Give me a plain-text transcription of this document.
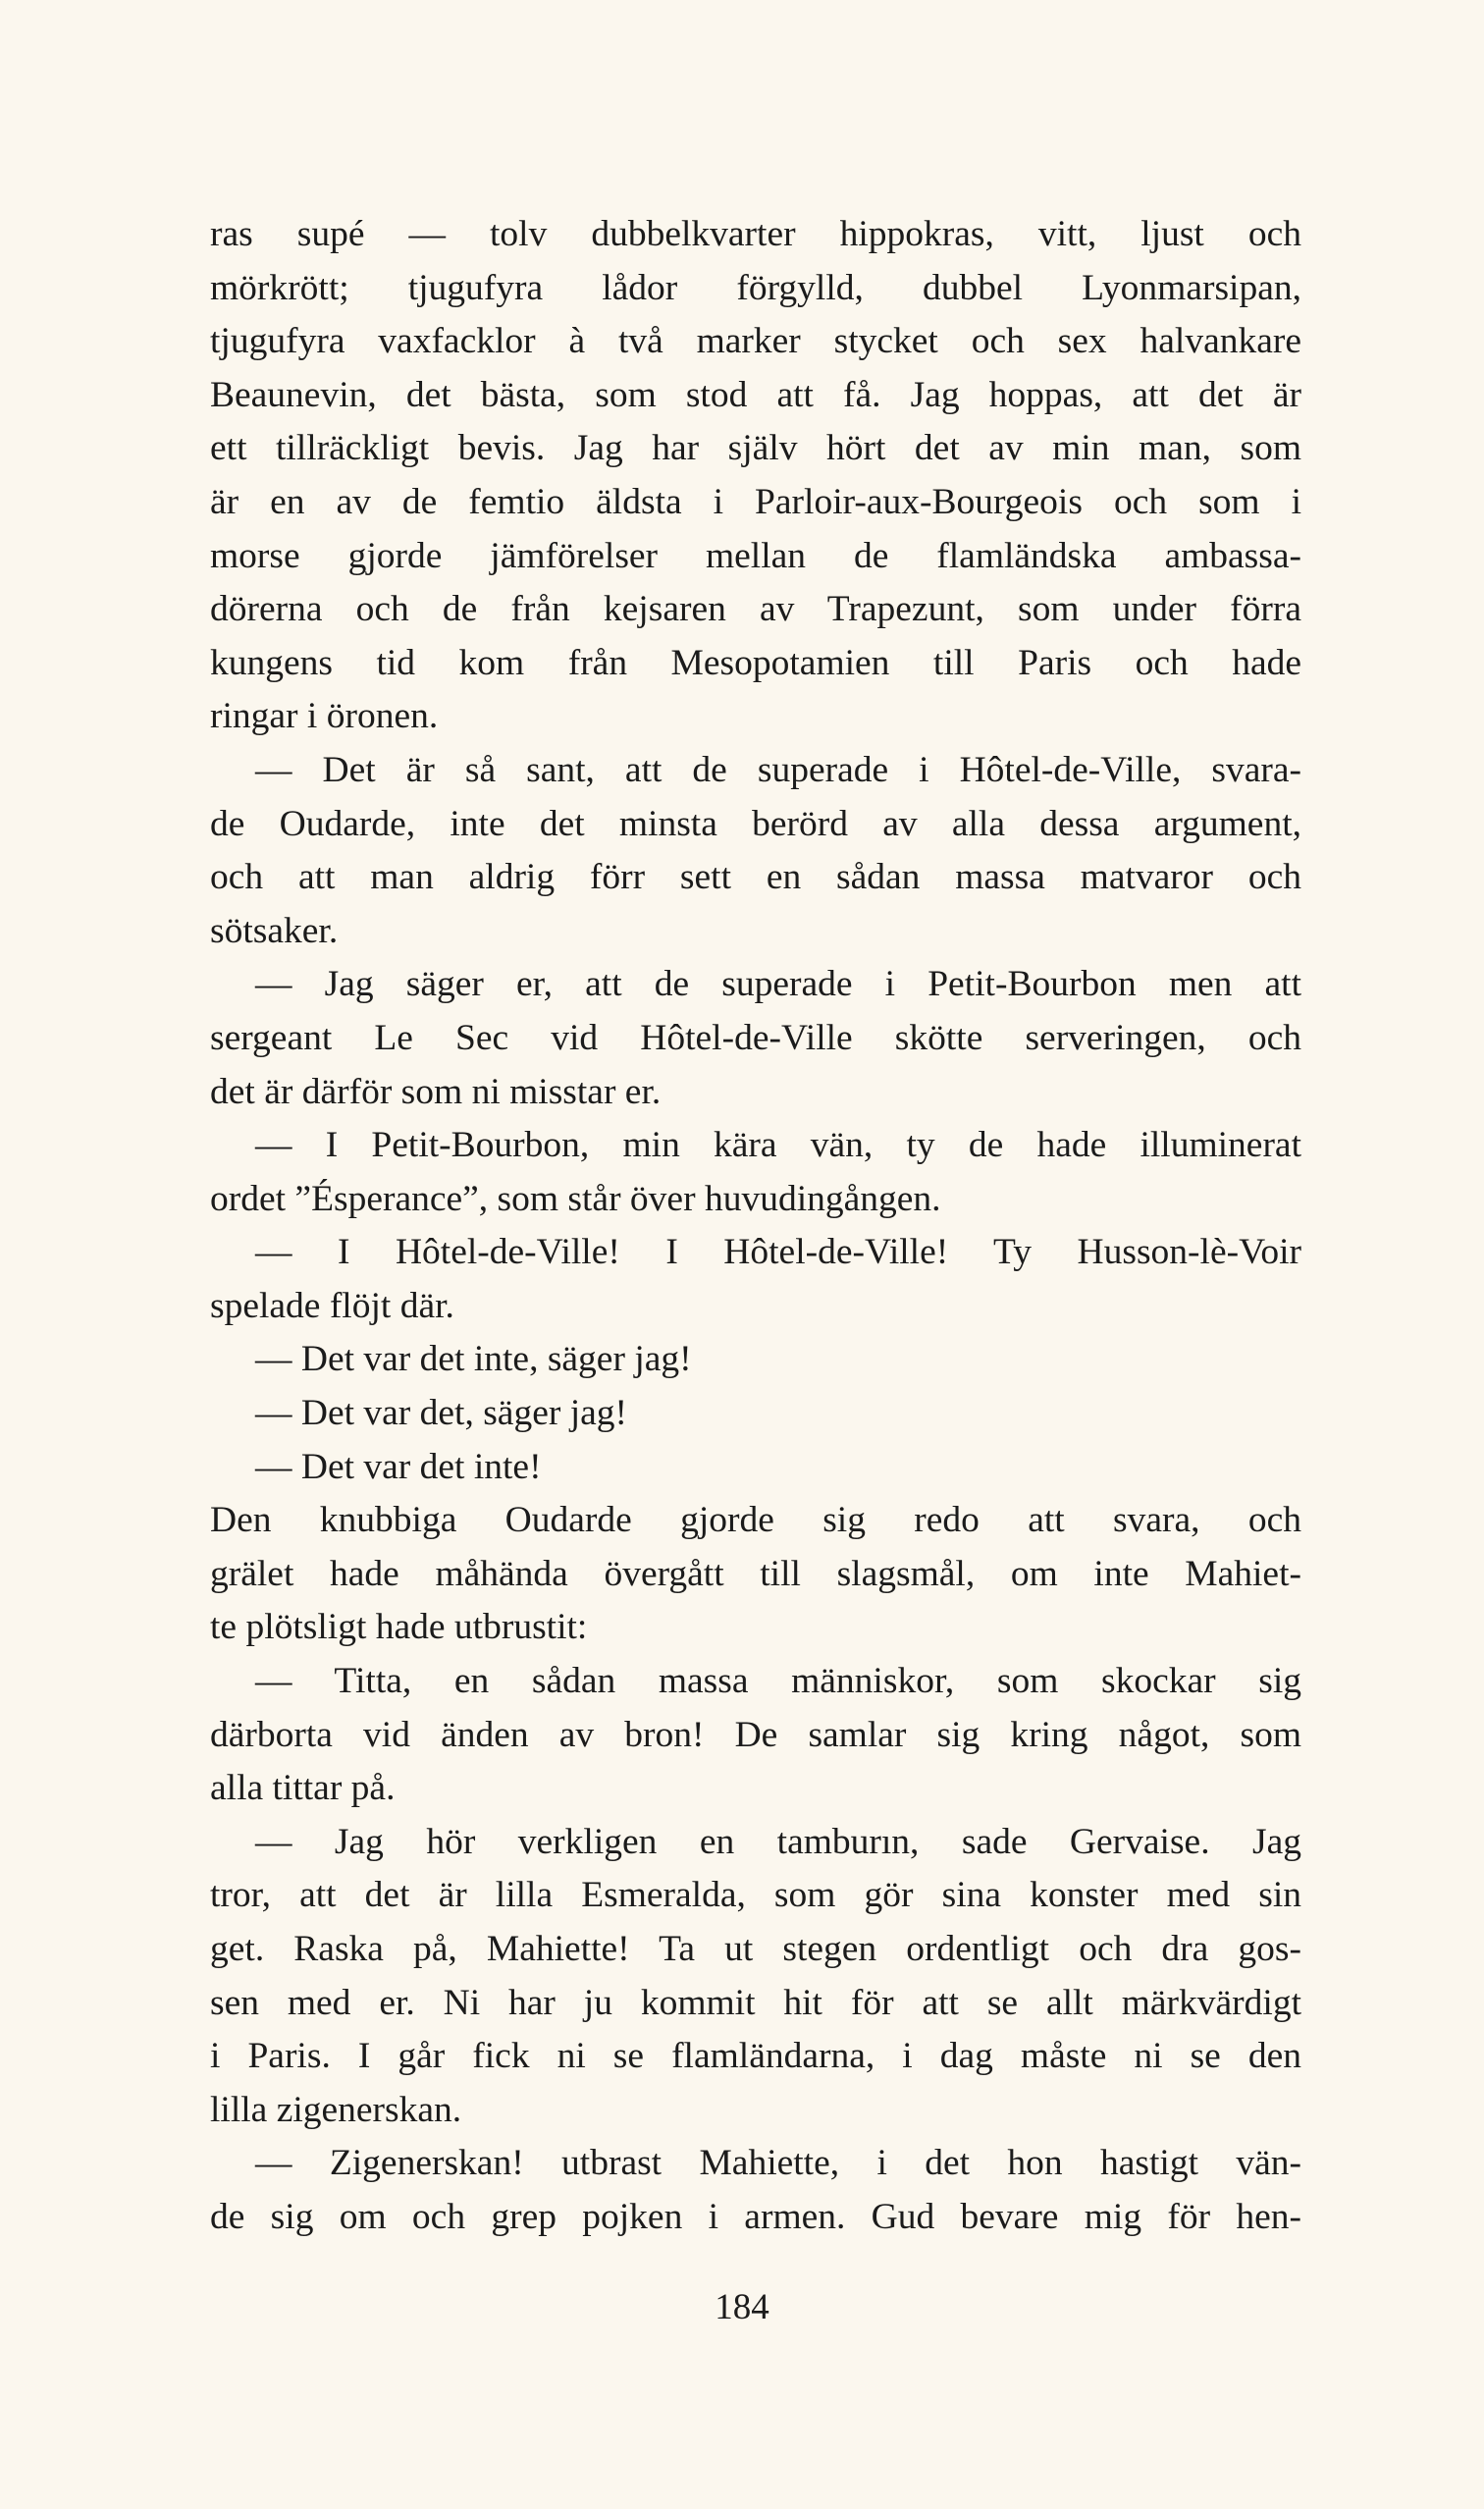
ras supé — tolv dubbelkvarter hippokras, vitt, ljust och
mörkrött; tjugufyra lådor förgylld, dubbel Lyonmarsipan,
tjugufyra vaxfacklor à två marker stycket och sex halvankare
Beaunevin, det bästa, som stod att få. Jag hoppas, att det är
ett tillräckligt bevis. Jag har själv hört det av min man, som
är en av de femtio äldsta i Parloir-aux-Bourgeois och som i
morse gjorde jämförelser mellan de flamländska ambassa-
dörerna och de från kejsaren av Trapezunt, som under förra
kungens tid kom från Mesopotamien till Paris och hade
ringar i öronen.
— Det är så sant, att de superade i Hôtel-de-Ville, svara-
de Oudarde, inte det minsta berörd av alla dessa argument,
och att man aldrig förr sett en sådan massa matvaror och
sötsaker.
— Jag säger er, att de superade i Petit-Bourbon men att
sergeant Le Sec vid Hôtel-de-Ville skötte serveringen, och
det är därför som ni misstar er.
— I Petit-Bourbon, min kära vän, ty de hade illuminerat
ordet ”Ésperance”, som står över huvudingången.
— I Hôtel-de-Ville! I Hôtel-de-Ville! Ty Husson-lè-Voir
spelade flöjt där.
— Det var det inte, säger jag!
— Det var det, säger jag!
— Det var det inte!
Den knubbiga Oudarde gjorde sig redo att svara, och
grälet hade måhända övergått till slagsmål, om inte Mahiet-
te plötsligt hade utbrustit:
— Titta, en sådan massa människor, som skockar sig
därborta vid änden av bron! De samlar sig kring något, som
alla tittar på.
— Jag hör verkligen en tamburın, sade Gervaise. Jag
tror, att det är lilla Esmeralda, som gör sina konster med sin
get. Raska på, Mahiette! Ta ut stegen ordentligt och dra gos-
sen med er. Ni har ju kommit hit för att se allt märkvärdigt
i Paris. I går fick ni se flamländarna, i dag måste ni se den
lilla zigenerskan.
— Zigenerskan! utbrast Mahiette, i det hon hastigt vän-
de sig om och grep pojken i armen. Gud bevare mig för hen-
184
